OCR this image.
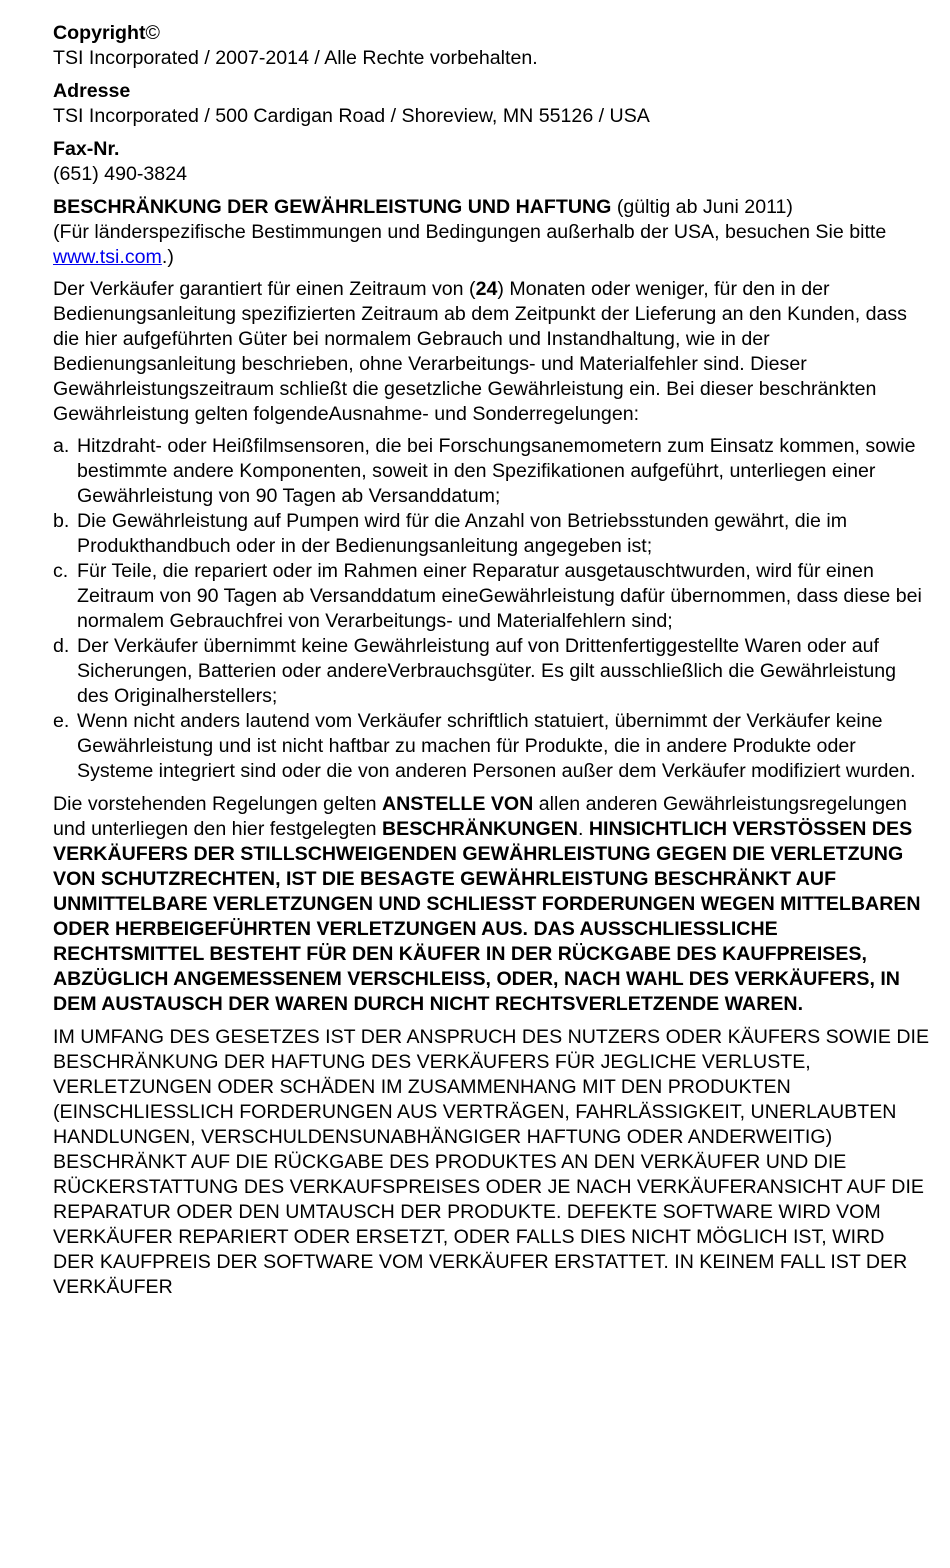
Copyright©

TSI Incorporated / 2007-2014 / Alle Rechte vorbehalten.

Adresse

TSI Incorporated / 500 Cardigan Road / Shoreview, MN 55126 / USA

Fax-Nr.

(651) 490-3824

BESCHRÄNKUNG DER GEWÄHRLEISTUNG UND HAFTUNG (gültig ab Juni 2011)
(Für länderspezifische Bestimmungen und Bedingungen außerhalb der USA, besuchen Sie bitte www.tsi.com.)

Der Verkäufer garantiert für einen Zeitraum von (24) Monaten oder weniger, für den in der Bedienungsanleitung spezifizierten Zeitraum ab dem Zeitpunkt der Lieferung an den Kunden, dass die hier aufgeführten Güter bei normalem Gebrauch und Instandhaltung, wie in der Bedienungsanleitung beschrieben, ohne Verarbeitungs- und Materialfehler sind. Dieser Gewährleistungszeitraum schließt die gesetzliche Gewährleistung ein. Bei dieser beschränkten Gewährleistung gelten folgendeAusnahme- und Sonderregelungen:

a. Hitzdraht- oder Heißfilmsensoren, die bei Forschungsanemometern zum Einsatz kommen, sowie bestimmte andere Komponenten, soweit in den Spezifikationen aufgeführt, unterliegen einer Gewährleistung von 90 Tagen ab Versanddatum;
b. Die Gewährleistung auf Pumpen wird für die Anzahl von Betriebsstunden gewährt, die im Produkthandbuch oder in der Bedienungsanleitung angegeben ist;
c. Für Teile, die repariert oder im Rahmen einer Reparatur ausgetauschtwurden, wird für einen Zeitraum von 90 Tagen ab Versanddatum eineGewährleistung dafür übernommen, dass diese bei normalem Gebrauchfrei von Verarbeitungs- und Materialfehlern sind;
d. Der Verkäufer übernimmt keine Gewährleistung auf von Drittenfertiggestellte Waren oder auf Sicherungen, Batterien oder andereVerbrauchsgüter. Es gilt ausschließlich die Gewährleistung des Originalherstellers;
e. Wenn nicht anders lautend vom Verkäufer schriftlich statuiert, übernimmt der Verkäufer keine Gewährleistung und ist nicht haftbar zu machen für Produkte, die in andere Produkte oder Systeme integriert sind oder die von anderen Personen außer dem Verkäufer modifiziert wurden.

Die vorstehenden Regelungen gelten ANSTELLE VON allen anderen Gewährleistungsregelungen und unterliegen den hier festgelegten BESCHRÄNKUNGEN. HINSICHTLICH VERSTÖSSEN DES VERKÄUFERS DER STILLSCHWEIGENDEN GEWÄHRLEISTUNG GEGEN DIE VERLETZUNG VON SCHUTZRECHTEN, IST DIE BESAGTE GEWÄHRLEISTUNG BESCHRÄNKT AUF UNMITTELBARE VERLETZUNGEN UND SCHLIESST FORDERUNGEN WEGEN MITTELBAREN ODER HERBEIGEFÜHRTEN VERLETZUNGEN AUS. DAS AUSSCHLIESSLICHE RECHTSMITTEL BESTEHT FÜR DEN KÄUFER IN DER RÜCKGABE DES KAUFPREISES, ABZÜGLICH ANGEMESSENEM VERSCHLEISS, ODER, NACH WAHL DES VERKÄUFERS, IN DEM AUSTAUSCH DER WAREN DURCH NICHT RECHTSVERLETZENDE WAREN.

IM UMFANG DES GESETZES IST DER ANSPRUCH DES NUTZERS ODER KÄUFERS SOWIE DIE BESCHRÄNKUNG DER HAFTUNG DES VERKÄUFERS FÜR JEGLICHE VERLUSTE, VERLETZUNGEN ODER SCHÄDEN IM ZUSAMMENHANG MIT DEN PRODUKTEN (EINSCHLIESSLICH FORDERUNGEN AUS VERTRÄGEN, FAHRLÄSSIGKEIT, UNERLAUBTEN HANDLUNGEN, VERSCHULDENSUNABHÄNGIGER HAFTUNG ODER ANDERWEITIG) BESCHRÄNKT AUF DIE RÜCKGABE DES PRODUKTES AN DEN VERKÄUFER UND DIE RÜCKERSTATTUNG DES VERKAUFSPREISES ODER JE NACH VERKÄUFERANSICHT AUF DIE REPARATUR ODER DEN UMTAUSCH DER PRODUKTE. DEFEKTE SOFTWARE WIRD VOM VERKÄUFER REPARIERT ODER ERSETZT, ODER FALLS DIES NICHT MÖGLICH IST, WIRD DER KAUFPREIS DER SOFTWARE VOM VERKÄUFER ERSTATTET. IN KEINEM FALL IST DER VERKÄUFER
